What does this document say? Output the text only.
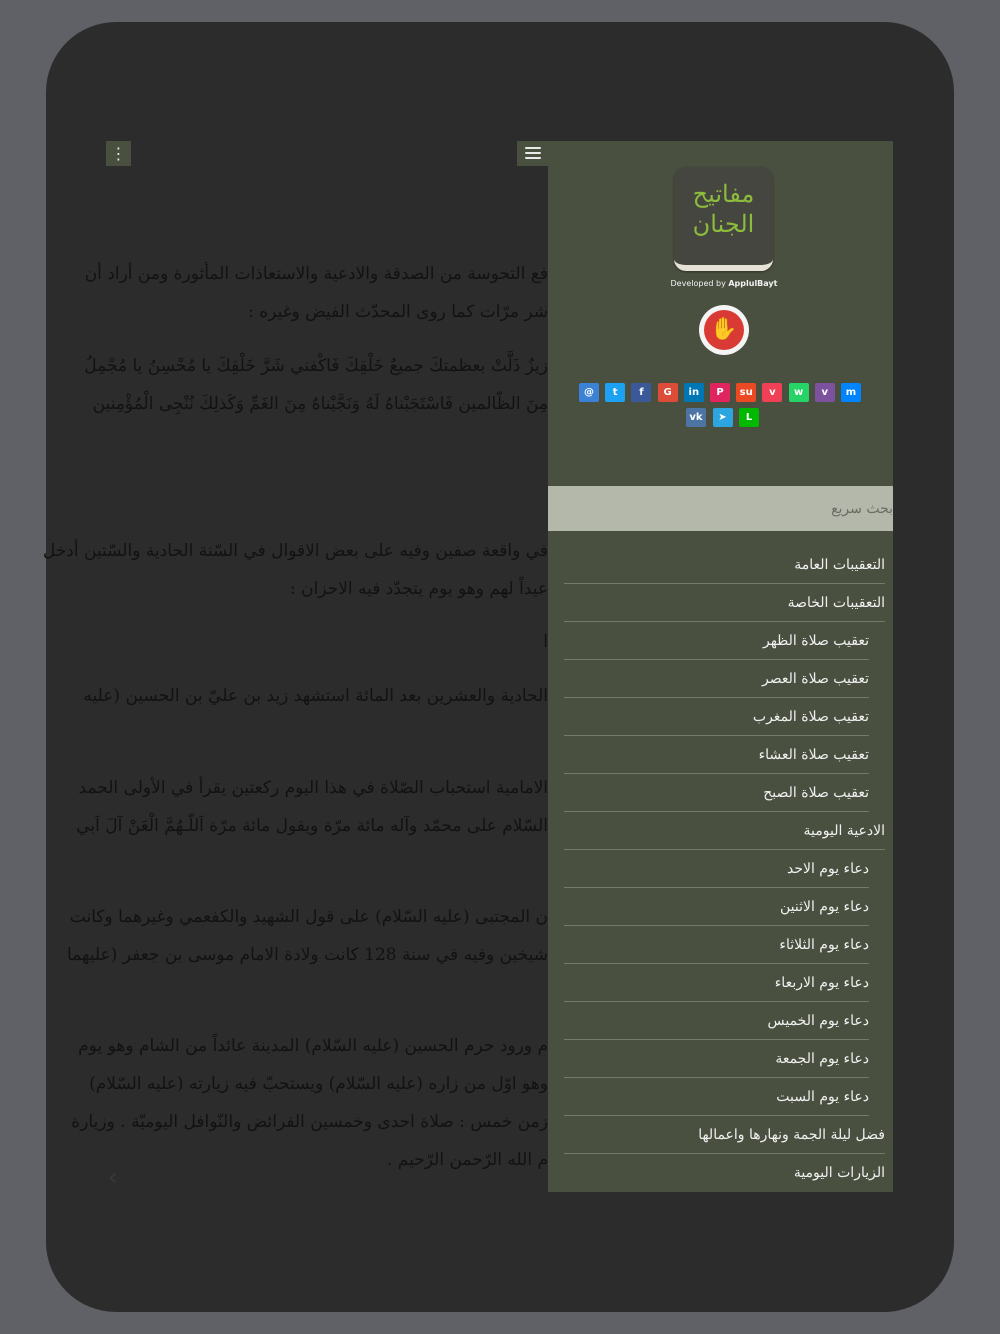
⋮
فع التحوسة من الصدقة والادعية والاستعاذات المأثورة ومن أراد أن
شر مرّات كما روى المحدّث الفيض وغيره :
زيزُ ذَلَّتْ بعظمتكَ جميعُ خَلْقِكَ فَاكْفني شَرَّ خَلْقِكَ يا مُحْسِنُ يا مُجْمِلُ
مِنَ الظّالمين فَاسْتَجَبْناهُ لَهُ وَنَجَّيْناهُ مِنَ الغَمِّ وَكَذلِكَ نُنْجِى الْمُؤْمِنين
في واقعة صفين وفيه على بعض الاقوال في السّنة الحادية والسّتين أدخل
عيداً لهم وهو يوم يتجدّد فيه الاحزان :
ا
الحادية والعشرين بعد المائة استشهد زيد بن عليّ بن الحسين (عليه
الامامية استحباب الصّلاة في هذا اليوم ركعتين يقرأ في الأولى الحمد
السّلام على محمّد وآله مائة مرّة ويقول مائة مرّة اَللّـهُمَّ الْعَنْ آلَ اَبي
ن المجتبى (عليه السّلام) على قول الشهيد والكفعمي وغيرهما وكانت
شيخين وفيه في سنة 128 كانت ولادة الامام موسى بن جعفر (عليهما
م ورود حرم الحسين (عليه السّلام) المدينة عائداً من الشام وهو يوم
وهو اوّل من زاره (عليه السّلام) ويستحبّ فيه زيارته (عليه السّلام)
زمن خمس : صلاة احدى وخمسين الفرائض والنّوافل اليوميّة . وزيارة
م الله الرّحمن الرّحيم .
‹
مفاتيح
الجنان
Developed by ApplulBayt
✋
@	t	f	G	in	P	su	v	w	v	m
vk	➤	L
بحث سريع
التعقيبات العامة
التعقيبات الخاصة
تعقيب صلاة الظهر
تعقيب صلاة العصر
تعقيب صلاة المغرب
تعقيب صلاة العشاء
تعقيب صلاة الصبح
الادعية اليومية
دعاء يوم الاحد
دعاء يوم الاثنين
دعاء يوم الثلاثاء
دعاء يوم الاربعاء
دعاء يوم الخميس
دعاء يوم الجمعة
دعاء يوم السبت
فضل ليلة الجمة ونهارها واعمالها
الزيارات اليومية
